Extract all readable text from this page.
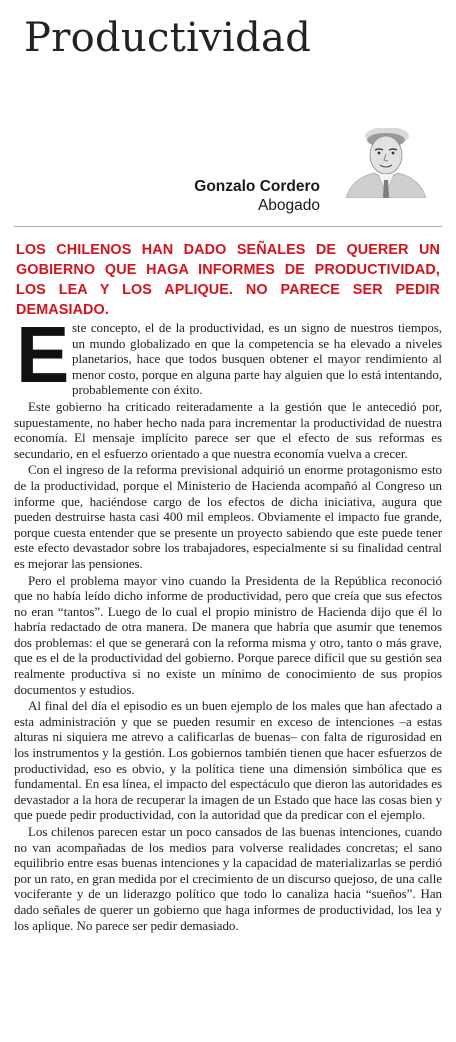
Productividad
Gonzalo Cordero
Abogado
LOS CHILENOS HAN DADO SEÑALES DE QUERER UN GOBIERNO QUE HAGA INFORMES DE PRODUCTIVIDAD, LOS LEA Y LOS APLIQUE. NO PARECE SER PEDIR DEMASIADO.

Este concepto, el de la productividad, es un signo de nuestros tiempos, un mundo globalizado en que la competencia se ha elevado a niveles planetarios, hace que todos busquen obtener el mayor rendimiento al menor costo, porque en alguna parte hay alguien que lo está intentando, probablemente con éxito.

Este gobierno ha criticado reiteradamente a la gestión que le antecedió por, supuestamente, no haber hecho nada para incrementar la productividad de nuestra economía. El mensaje implícito parece ser que el efecto de sus reformas es secundario, en el esfuerzo orientado a que nuestra economía vuelva a crecer.

Con el ingreso de la reforma previsional adquirió un enorme protagonismo esto de la productividad, porque el Ministerio de Hacienda acompañó al Congreso un informe que, haciéndose cargo de los efectos de dicha iniciativa, augura que pueden destruirse hasta casi 400 mil empleos. Obviamente el impacto fue grande, porque cuesta entender que se presente un proyecto sabiendo que este puede tener este efecto devastador sobre los trabajadores, especialmente si su finalidad central es mejorar las pensiones.

Pero el problema mayor vino cuando la Presidenta de la República reconoció que no había leído dicho informe de productividad, pero que creía que sus efectos no eran “tantos”. Luego de lo cual el propio ministro de Hacienda dijo que él lo habría redactado de otra manera. De manera que habría que asumir que tenemos dos problemas: el que se generará con la reforma misma y otro, tanto o más grave, que es el de la productividad del gobierno. Porque parece difícil que su gestión sea realmente productiva si no existe un mínimo de conocimiento de sus propios documentos y estudios.

Al final del día el episodio es un buen ejemplo de los males que han afectado a esta administración y que se pueden resumir en exceso de intenciones –a estas alturas ni siquiera me atrevo a calificarlas de buenas– con falta de rigurosidad en los instrumentos y la gestión. Los gobiernos también tienen que hacer esfuerzos de productividad, eso es obvio, y la política tiene una dimensión simbólica que es fundamental. En esa línea, el impacto del espectáculo que dieron las autoridades es devastador a la hora de recuperar la imagen de un Estado que hace las cosas bien y que puede pedir productividad, con la autoridad que da predicar con el ejemplo.

Los chilenos parecen estar un poco cansados de las buenas intenciones, cuando no van acompañadas de los medios para volverse realidades concretas; el sano equilibrio entre esas buenas intenciones y la capacidad de materializarlas se perdió por un rato, en gran medida por el crecimiento de un discurso quejoso, de una calle vociferante y de un liderazgo político que todo lo canaliza hacia “sueños”. Han dado señales de querer un gobierno que haga informes de productividad, los lea y los aplique. No parece ser pedir demasiado.
